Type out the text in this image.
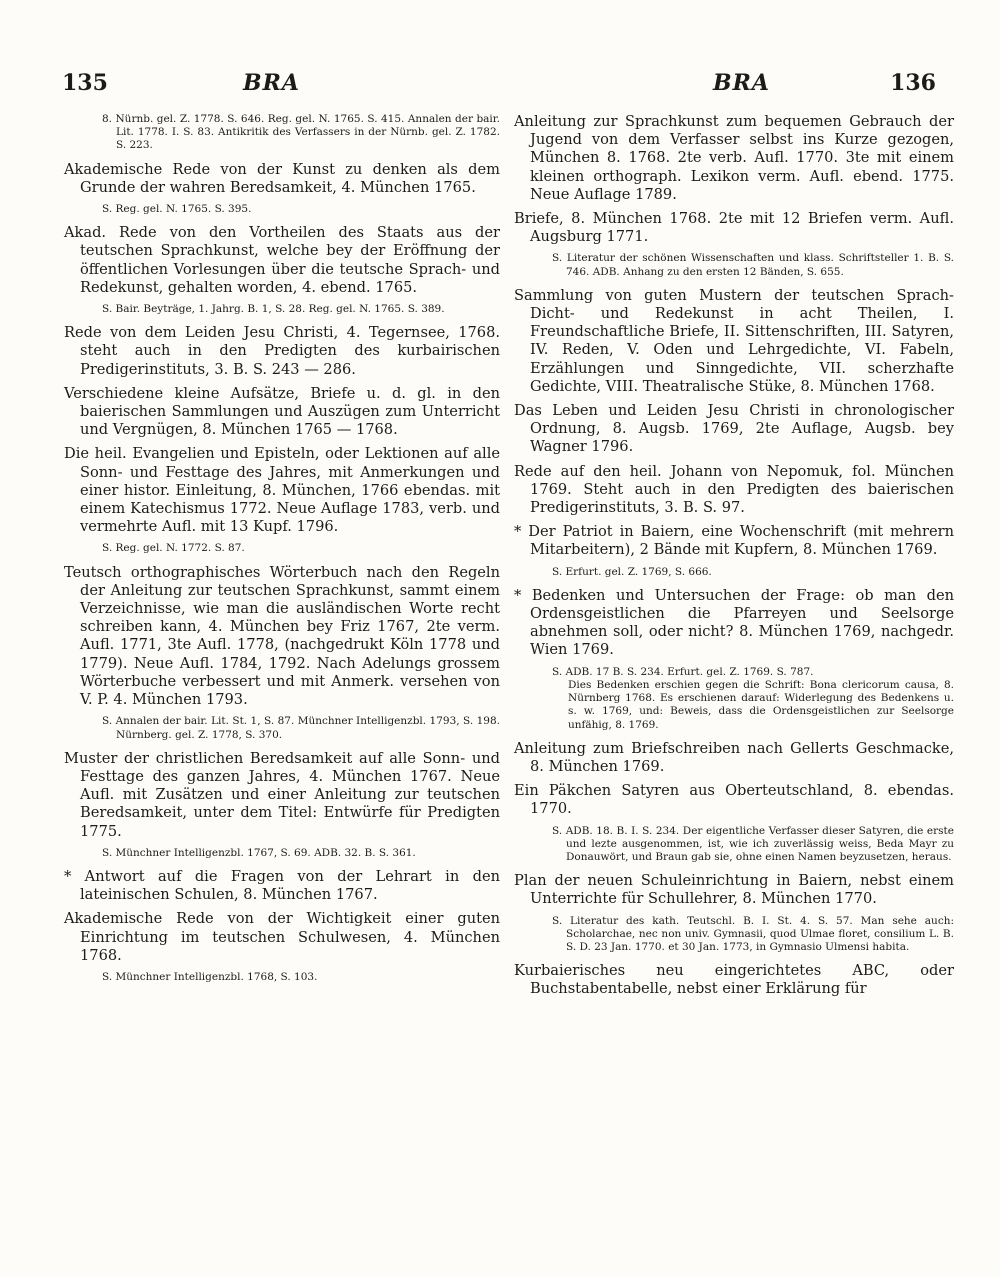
135	BRA	BRA	136
8. Nürnb. gel. Z. 1778. S. 646. Reg. gel. N. 1765. S. 415. Annalen der bair. Lit. 1778. I. S. 83. Antikritik des Verfassers in der Nürnb. gel. Z. 1782. S. 223.
Akademische Rede von der Kunst zu denken als dem Grunde der wahren Beredsamkeit, 4. München 1765.
S. Reg. gel. N. 1765. S. 395.
Akad. Rede von den Vortheilen des Staats aus der teutschen Sprachkunst, welche bey der Eröffnung der öffentlichen Vorlesungen über die teutsche Sprach- und Redekunst, gehalten worden, 4. ebend. 1765.
S. Bair. Beyträge, 1. Jahrg. B. 1, S. 28. Reg. gel. N. 1765. S. 389.
Rede von dem Leiden Jesu Christi, 4. Tegernsee, 1768. steht auch in den Predigten des kurbairischen Predigerinstituts, 3. B. S. 243 — 286.
Verschiedene kleine Aufsätze, Briefe u. d. gl. in den baierischen Sammlungen und Auszügen zum Unterricht und Vergnügen, 8. München 1765 — 1768.
Die heil. Evangelien und Episteln, oder Lektionen auf alle Sonn- und Festtage des Jahres, mit Anmerkungen und einer histor. Einleitung, 8. München, 1766 ebendas. mit einem Katechismus 1772. Neue Auflage 1783, verb. und vermehrte Aufl. mit 13 Kupf. 1796.
S. Reg. gel. N. 1772. S. 87.
Teutsch orthographisches Wörterbuch nach den Regeln der Anleitung zur teutschen Sprachkunst, sammt einem Verzeichnisse, wie man die ausländischen Worte recht schreiben kann, 4. München bey Friz 1767, 2te verm. Aufl. 1771, 3te Aufl. 1778, (nachgedrukt Köln 1778 und 1779). Neue Aufl. 1784, 1792. Nach Adelungs grossem Wörterbuche verbessert und mit Anmerk. versehen von V. P. 4. München 1793.
S. Annalen der bair. Lit. St. 1, S. 87. Münchner Intelligenzbl. 1793, S. 198. Nürnberg. gel. Z. 1778, S. 370.
Muster der christlichen Beredsamkeit auf alle Sonn- und Festtage des ganzen Jahres, 4. München 1767. Neue Aufl. mit Zusätzen und einer Anleitung zur teutschen Beredsamkeit, unter dem Titel: Entwürfe für Predigten 1775.
S. Münchner Intelligenzbl. 1767, S. 69. ADB. 32. B. S. 361.
* Antwort auf die Fragen von der Lehrart in den lateinischen Schulen, 8. München 1767.
Akademische Rede von der Wichtigkeit einer guten Einrichtung im teutschen Schulwesen, 4. München 1768.
S. Münchner Intelligenzbl. 1768, S. 103.
Anleitung zur Sprachkunst zum bequemen Gebrauch der Jugend von dem Verfasser selbst ins Kurze gezogen, München 8. 1768. 2te verb. Aufl. 1770. 3te mit einem kleinen orthograph. Lexikon verm. Aufl. ebend. 1775. Neue Auflage 1789.
Briefe, 8. München 1768. 2te mit 12 Briefen verm. Aufl. Augsburg 1771.
S. Literatur der schönen Wissenschaften und klass. Schriftsteller 1. B. S. 746. ADB. Anhang zu den ersten 12 Bänden, S. 655.
Sammlung von guten Mustern der teutschen Sprach- Dicht- und Redekunst in acht Theilen, I. Freundschaftliche Briefe, II. Sittenschriften, III. Satyren, IV. Reden, V. Oden und Lehrgedichte, VI. Fabeln, Erzählungen und Sinngedichte, VII. scherzhafte Gedichte, VIII. Theatralische Stüke, 8. München 1768.
Das Leben und Leiden Jesu Christi in chronologischer Ordnung, 8. Augsb. 1769, 2te Auflage, Augsb. bey Wagner 1796.
Rede auf den heil. Johann von Nepomuk, fol. München 1769. Steht auch in den Predigten des baierischen Predigerinstituts, 3. B. S. 97.
* Der Patriot in Baiern, eine Wochenschrift (mit mehrern Mitarbeitern), 2 Bände mit Kupfern, 8. München 1769.
S. Erfurt. gel. Z. 1769, S. 666.
* Bedenken und Untersuchen der Frage: ob man den Ordensgeistlichen die Pfarreyen und Seelsorge abnehmen soll, oder nicht? 8. München 1769, nachgedr. Wien 1769.
S. ADB. 17 B. S. 234. Erfurt. gel. Z. 1769. S. 787.
Dies Bedenken erschien gegen die Schrift: Bona clericorum causa, 8. Nürnberg 1768. Es erschienen darauf: Widerlegung des Bedenkens u. s. w. 1769, und: Beweis, dass die Ordensgeistlichen zur Seelsorge unfähig, 8. 1769.
Anleitung zum Briefschreiben nach Gellerts Geschmacke, 8. München 1769.
Ein Päkchen Satyren aus Oberteutschland, 8. ebendas. 1770.
S. ADB. 18. B. I. S. 234. Der eigentliche Verfasser dieser Satyren, die erste und lezte ausgenommen, ist, wie ich zuverlässig weiss, Beda Mayr zu Donauwört, und Braun gab sie, ohne einen Namen beyzusetzen, heraus.
Plan der neuen Schuleinrichtung in Baiern, nebst einem Unterrichte für Schullehrer, 8. München 1770.
S. Literatur des kath. Teutschl. B. I. St. 4. S. 57. Man sehe auch: Scholarchae, nec non univ. Gymnasii, quod Ulmae floret, consilium L. B. S. D. 23 Jan. 1770. et 30 Jan. 1773, in Gymnasio Ulmensi habita.
Kurbaierisches neu eingerichtetes ABC, oder Buchstabentabelle, nebst einer Erklärung für
